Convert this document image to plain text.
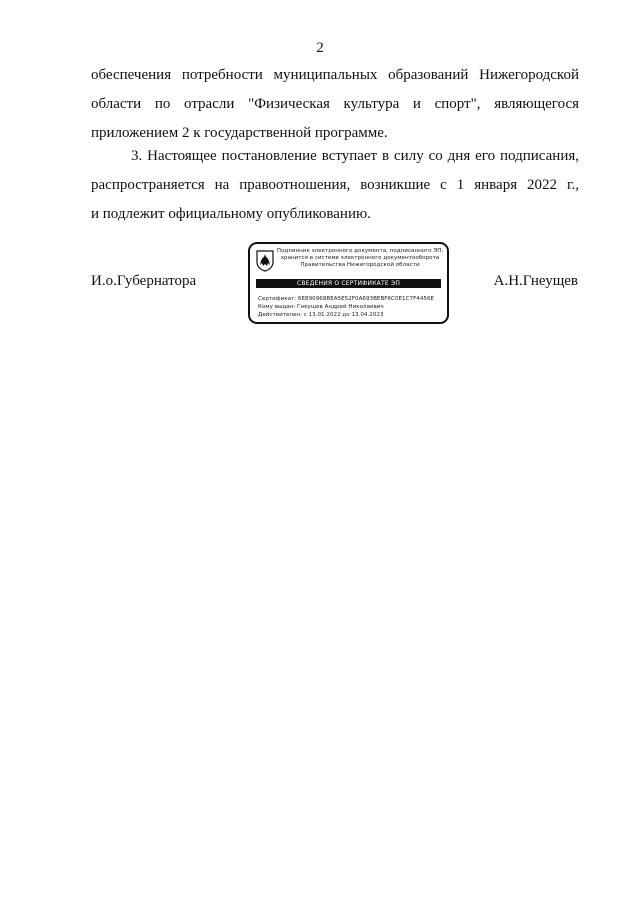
2
обеспечения потребности муниципальных образований Нижегородской
области по отрасли "Физическая культура и спорт", являющегося
приложением 2 к государственной программе.
3. Настоящее постановление вступает в силу со дня его подписания,
распространяется на правоотношения, возникшие с 1 января 2022 г.,
и подлежит официальному опубликованию.
И.о.Губернатора
Подлинник электронного документа, подписанного ЭП,
хранится в системе электронного документооборота
Правительства Нижегородской области
СВЕДЕНИЯ О СЕРТИФИКАТЕ ЭП
Сертификат: 6E890968BEA5E52F0A693BEBF6C0E1C7F4456E
Кому выдан: Гнеущев Андрей Николаевич
Действителен: с 13.01.2022 до 13.04.2023
А.Н.Гнеущев
